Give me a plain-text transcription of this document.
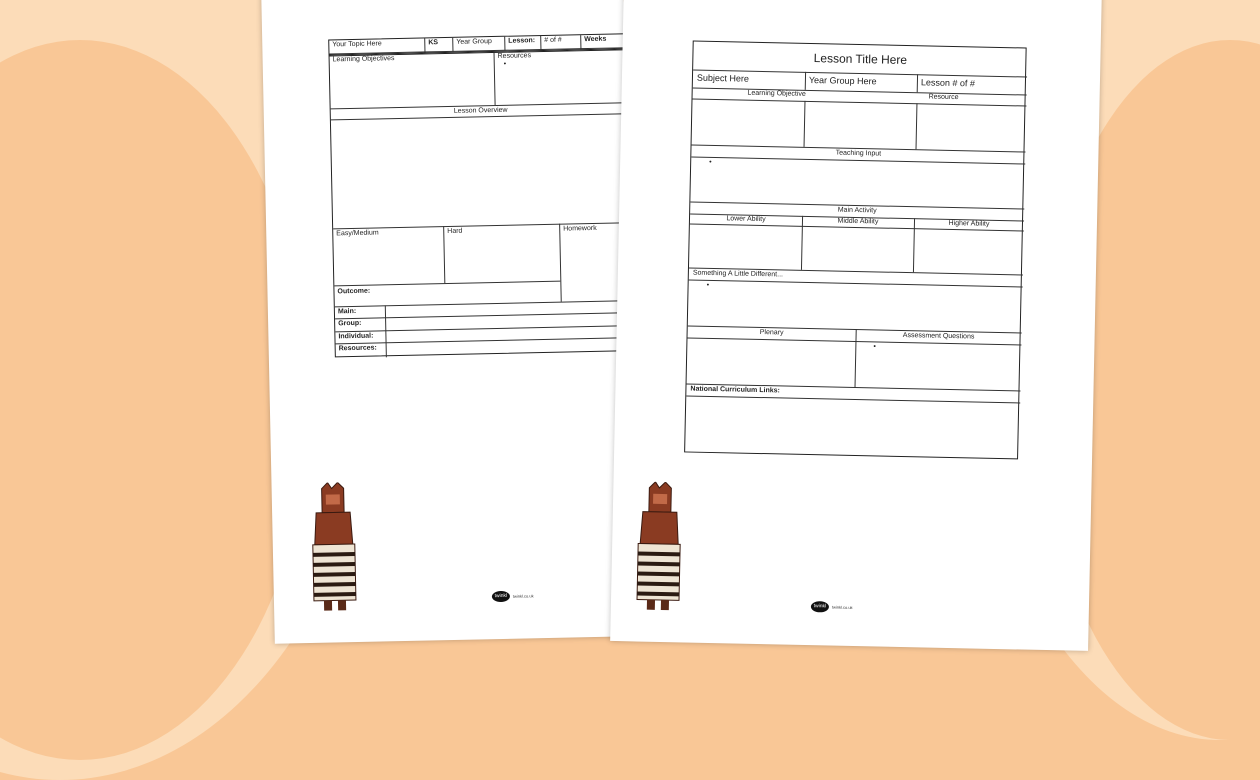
Your Topic Here	KS	Year Group	Lesson:	# of #	Weeks
Learning Objectives	Resources
•
Lesson Overview
Easy/Medium	Hard	Homework
Outcome:
Main:
Group:
Individual:
Resources:
twinkl	twinkl.co.uk
Lesson Title Here
Subject Here	Year Group Here	Lesson # of #
Learning Objective	Resource
Teaching Input
•
Main Activity
Lower Ability	Middle Ability	Higher Ability
Something A Little Different...
•
Plenary	Assessment Questions
•
National Curriculum Links:
twinkl	twinkl.co.uk
